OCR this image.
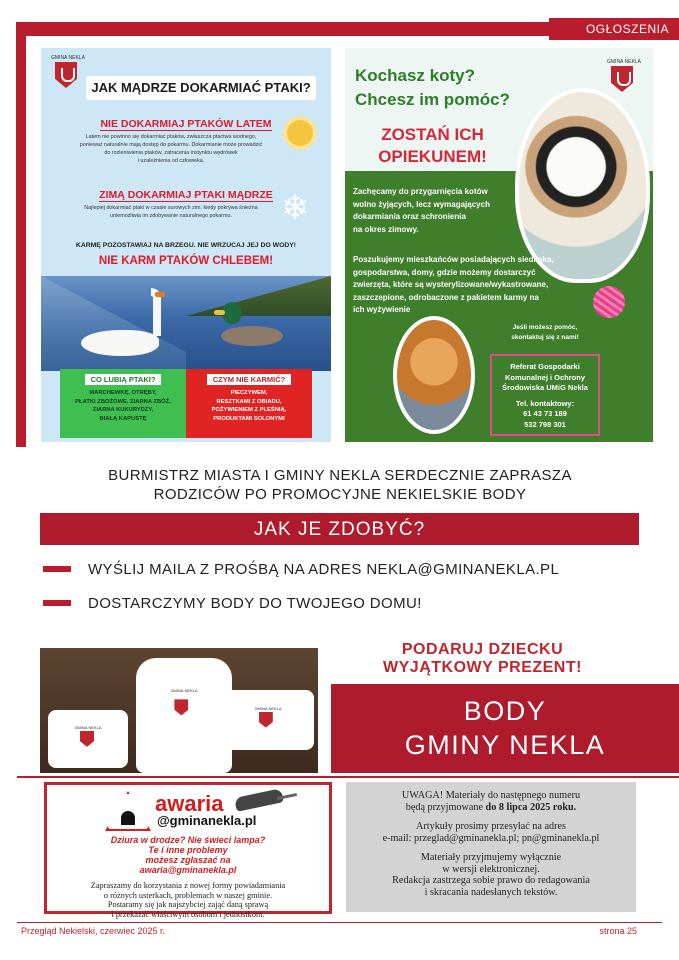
OGŁOSZENIA
GMINA NEKLA
JAK MĄDRZE DOKARMIAĆ PTAKI?
NIE DOKARMIAJ PTAKÓW LATEM
Latem nie powinno się dokarmiać ptaków, zwłaszcza ptactwa wodnego,
ponieważ naturalnie mają dostęp do pokarmu. Dokarmianie może prowadzić
do rozleniwienia ptaków, zatracenia instynktu wędrówek
i uzależnienia od człowieka.
ZIMĄ DOKARMIAJ PTAKI MĄDRZE
Najlepiej dokarmiać ptaki w czasie surowych zim, kiedy pokrywa śnieżna
uniemożliwia im zdobywanie naturalnego pokarmu.	❄
KARMĘ POZOSTAWIAJ NA BRZEGU. NIE WRZUCAJ JEJ DO WODY!
NIE KARM PTAKÓW CHLEBEM!
CO LUBIĄ PTAKI?
MARCHEWKĘ, OTRĘBY,
PŁATKI ZBOŻOWE, ZIARNA ZBÓŻ,
ZIARNA KUKURYDZY,
BIAŁĄ KAPUSTĘ
CZYM NIE KARMIĆ?
PIECZYWEM,
RESZTKAMI Z OBIADU,
POŻYWIENIEM Z PLEŚNIĄ,
PRODUKTAMI SOLONYMI
GMINA NEKLA
Kochasz koty?
Chcesz im pomóc?
ZOSTAŃ ICH
OPIEKUNEM!
Zachęcamy do przygarnięcia kotów
wolno żyjących, lecz wymagających
dokarmiania oraz schronienia
na okres zimowy.
Poszukujemy mieszkańców posiadających siedliska,
gospodarstwa, domy, gdzie możemy dostarczyć
zwierzęta, które są wysterylizowane/wykastrowane,
zaszczepione, odrobaczone z pakietem karmy na
ich wyżywienie
Jeśli możesz pomóc,
skontaktuj się z nami!
Referat Gospodarki
Komunalnej i Ochrony
Środowiska UMiG Nekla
Tel. kontaktowy:
61 43 73 189
532 798 301
BURMISTRZ MIASTA I GMINY NEKLA SERDECZNIE ZAPRASZA
RODZICÓW PO PROMOCYJNE NEKIELSKIE BODY
JAK JE ZDOBYĆ?
WYŚLIJ MAILA Z PROŚBĄ NA ADRES NEKLA@GMINANEKLA.PL
DOSTARCZYMY BODY DO TWOJEGO DOMU!
GMINA NEKLA
GMINA NEKLA
GMINA NEKLA
PODARUJ DZIECKU
WYJĄTKOWY PREZENT!
BODY
GMINY NEKLA
awaria
@gminanekla.pl
Dziura w drodze? Nie świeci lampa?
Te i inne problemy
możesz zgłaszać na
awaria@gminanekla.pl
Zapraszamy do korzystania z nowej formy powiadamiania
o różnych usterkach, problemach w naszej gminie.
Postaramy się jak najszybciej zająć daną sprawą
i przekazać właściwym osobom i jednostkom.

UWAGA! Materiały do następnego numeru
będą przyjmowane do 8 lipca 2025 roku.

Artykuły prosimy przesyłać na adres
e-mail: przeglad@gminanekla.pl; pn@gminanekla.pl

Materiały przyjmujemy wyłącznie
w wersji elektronicznej.
Redakcja zastrzega sobie prawo do redagowania
i skracania nadesłanych tekstów.

Przegląd Nekielski, czerwiec 2025 r.	strona 25
